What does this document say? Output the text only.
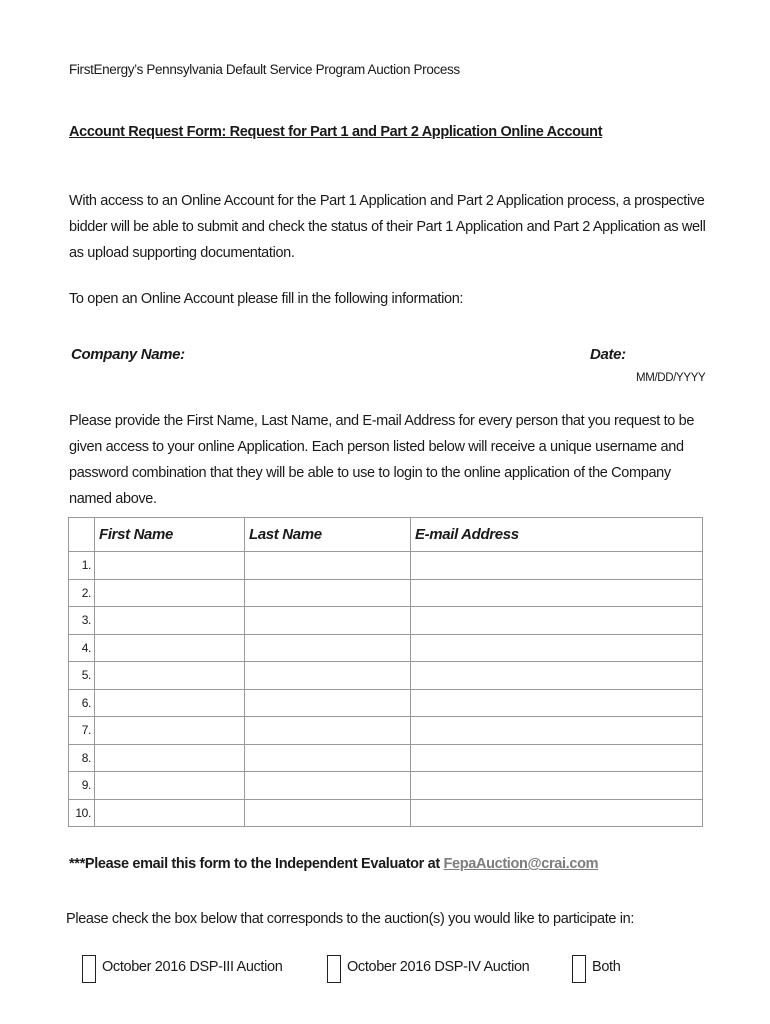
FirstEnergy’s Pennsylvania Default Service Program Auction Process
Account Request Form: Request for Part 1 and Part 2 Application Online Account
With access to an Online Account for the Part 1 Application and Part 2 Application process, a prospective bidder will be able to submit and check the status of their Part 1 Application and Part 2 Application as well as upload supporting documentation.
To open an Online Account please fill in the following information:
Company Name:	Date:
MM/DD/YYYY
Please provide the First Name, Last Name, and E-mail Address for every person that you request to be given access to your online Application. Each person listed below will receive a unique username and password combination that they will be able to use to login to the online application of the Company named above.
	First Name	Last Name	E-mail Address
1.			
2.			
3.			
4.			
5.			
6.			
7.			
8.			
9.			
10.			
***Please email this form to the Independent Evaluator at FepaAuction@crai.com
Please check the box below that corresponds to the auction(s) you would like to participate in:
October 2016 DSP-III Auction	October 2016 DSP-IV Auction	Both
